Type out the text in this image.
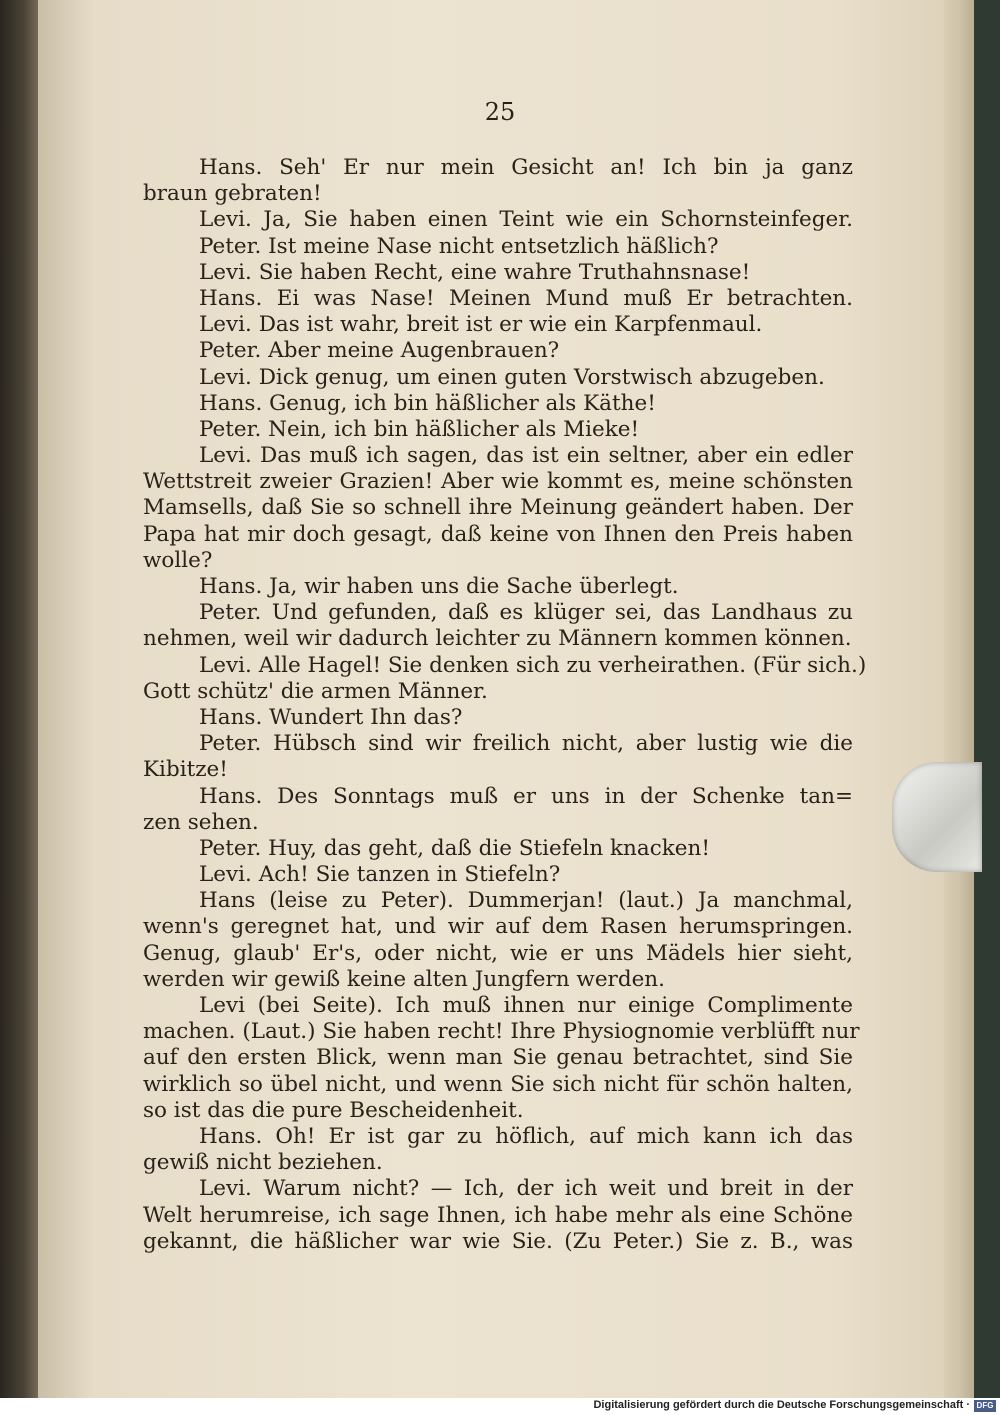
25
Hans. Seh' Er nur mein Gesicht an! Ich bin ja ganz
braun gebraten!
Levi. Ja, Sie haben einen Teint wie ein Schornsteinfeger.
Peter. Ist meine Nase nicht entsetzlich häßlich?
Levi. Sie haben Recht, eine wahre Truthahnsnase!
Hans. Ei was Nase! Meinen Mund muß Er betrachten.
Levi. Das ist wahr, breit ist er wie ein Karpfenmaul.
Peter. Aber meine Augenbrauen?
Levi. Dick genug, um einen guten Vorstwisch abzugeben.
Hans. Genug, ich bin häßlicher als Käthe!
Peter. Nein, ich bin häßlicher als Mieke!
Levi. Das muß ich sagen, das ist ein seltner, aber ein edler
Wettstreit zweier Grazien! Aber wie kommt es, meine schönsten
Mamsells, daß Sie so schnell ihre Meinung geändert haben. Der
Papa hat mir doch gesagt, daß keine von Ihnen den Preis haben
wolle?
Hans. Ja, wir haben uns die Sache überlegt.
Peter. Und gefunden, daß es klüger sei, das Landhaus zu
nehmen, weil wir dadurch leichter zu Männern kommen können.
Levi. Alle Hagel! Sie denken sich zu verheirathen. (Für sich.)
Gott schütz' die armen Männer.
Hans. Wundert Ihn das?
Peter. Hübsch sind wir freilich nicht, aber lustig wie die
Kibitze!
Hans. Des Sonntags muß er uns in der Schenke tan=
zen sehen.
Peter. Huy, das geht, daß die Stiefeln knacken!
Levi. Ach! Sie tanzen in Stiefeln?
Hans (leise zu Peter). Dummerjan! (laut.) Ja manchmal,
wenn's geregnet hat, und wir auf dem Rasen herumspringen.
Genug, glaub' Er's, oder nicht, wie er uns Mädels hier sieht,
werden wir gewiß keine alten Jungfern werden.
Levi (bei Seite). Ich muß ihnen nur einige Complimente
machen. (Laut.) Sie haben recht! Ihre Physiognomie verblüfft nur
auf den ersten Blick, wenn man Sie genau betrachtet, sind Sie
wirklich so übel nicht, und wenn Sie sich nicht für schön halten,
so ist das die pure Bescheidenheit.
Hans. Oh! Er ist gar zu höflich, auf mich kann ich das
gewiß nicht beziehen.
Levi. Warum nicht? — Ich, der ich weit und breit in der
Welt herumreise, ich sage Ihnen, ich habe mehr als eine Schöne
gekannt, die häßlicher war wie Sie. (Zu Peter.) Sie z. B., was
Digitalisierung gefördert durch die Deutsche Forschungsgemeinschaft · DFG
